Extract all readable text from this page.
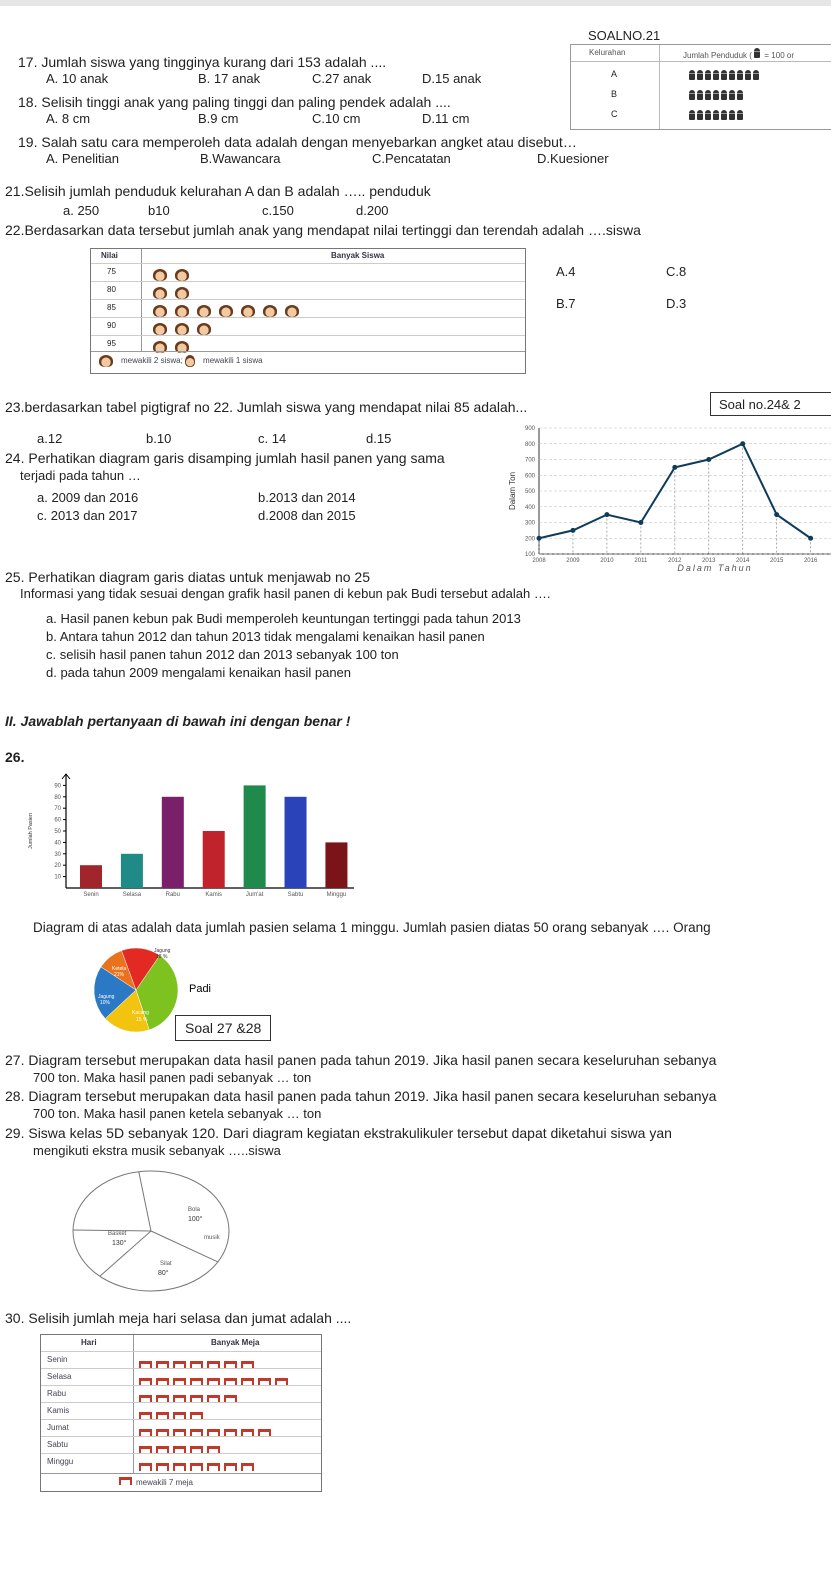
SOALNO.21
Kelurahan	Jumlah Penduduk ( = 100 or
A
B
C
17. Jumlah siswa yang tingginya kurang dari 153 adalah ....
A. 10 anak	B. 17 anak	C.27 anak	D.15 anak
18. Selisih tinggi anak yang paling tinggi dan paling pendek adalah ....
A. 8 cm	B.9 cm	C.10 cm	D.11 cm
19. Salah satu cara memperoleh data adalah dengan menyebarkan angket atau disebut…
A. Penelitian	B.Wawancara	C.Pencatatan	D.Kuesioner
21.Selisih jumlah penduduk kelurahan A dan B adalah ….. penduduk
a. 250	b10	c.150	d.200
22.Berdasarkan data tersebut jumlah anak yang mendapat nilai tertinggi dan terendah adalah ….siswa
Nilai	Banyak Siswa
75
80
85
90
95
mewakili 2 siswa;	mewakili 1 siswa
A.4	C.8
B.7	D.3
23.berdasarkan tabel pigtigraf no 22. Jumlah siswa yang mendapat nilai 85 adalah...	Soal no.24& 2
a.12	b.10	c. 14	d.15
24. Perhatikan diagram garis disamping jumlah hasil panen yang sama
terjadi pada tahun …
a. 2009 dan 2016	b.2013 dan 2014
c. 2013 dan 2017	d.2008 dan 2015
100
200
300
400
500
600
700
800
900
2008	2009	2010	2011	2012	2013	2014	2015	2016
Dalam Tahun
Dalam Ton
25. Perhatikan diagram garis diatas untuk menjawab no 25
Informasi yang tidak sesuai dengan grafik hasil panen di kebun pak Budi tersebut adalah ….
a. Hasil panen kebun pak Budi memperoleh keuntungan tertinggi pada tahun 2013
b. Antara tahun 2012 dan tahun 2013 tidak mengalami kenaikan hasil panen
c. selisih hasil panen tahun 2012 dan 2013 sebanyak 100 ton
d. pada tahun 2009 mengalami kenaikan hasil panen
II. Jawablah pertanyaan di bawah ini dengan benar !
26.
10
20
30
40
50
60
70
80
90
Senin	Selasa	Rabu	Kamis	Jum'at	Sabtu	Minggu
Jumlah Pasien
Diagram di atas adalah data jumlah pasien selama 1 minggu. Jumlah pasien diatas 50 orang sebanyak …. Orang
Padi
Ketela
21%
Jagung
18 %
Jagung
10%
Kacang
15 %	Soal 27 &28
27. Diagram tersebut merupakan data hasil panen pada tahun 2019. Jika hasil panen secara keseluruhan sebanya
700 ton. Maka hasil panen padi sebanyak … ton
28. Diagram tersebut merupakan data hasil panen pada tahun 2019. Jika hasil panen secara keseluruhan sebanya
700 ton. Maka hasil panen ketela sebanyak … ton
29. Siswa kelas 5D sebanyak 120. Dari diagram kegiatan ekstrakulikuler tersebut dapat diketahui siswa yan
mengikuti ekstra musik sebanyak …..siswa
Basket
130°
Bola
100°
musik
Silat
80°
30. Selisih jumlah meja hari selasa dan jumat adalah ....
Hari	Banyak Meja
Senin
Selasa
Rabu
Kamis
Jumat
Sabtu
Minggu
mewakili 7 meja
